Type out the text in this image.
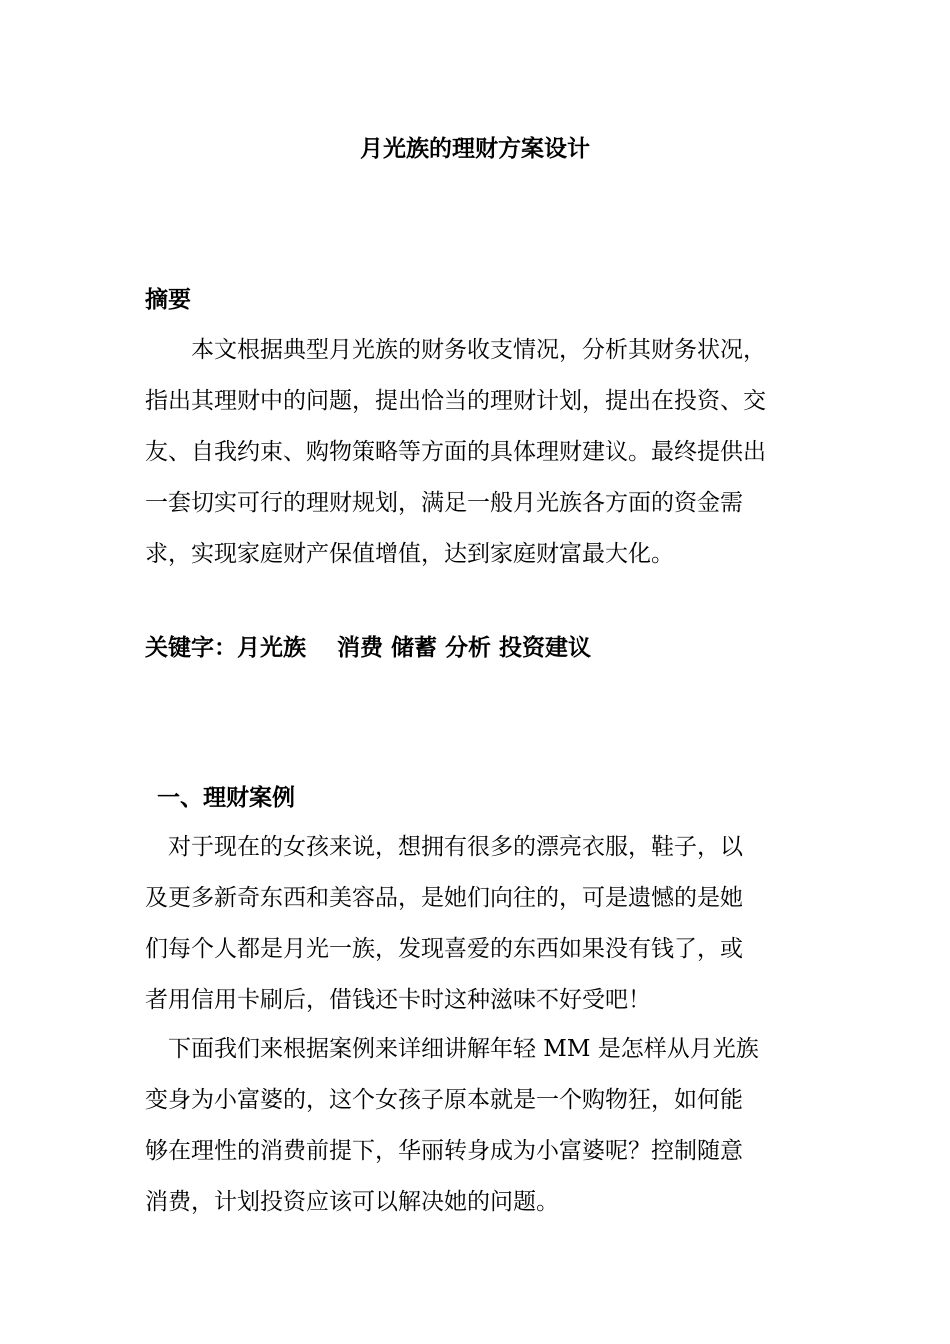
月光族的理财方案设计
摘要

　　本文根据典型月光族的财务收支情况，分析其财务状况，
指出其理财中的问题，提出恰当的理财计划，提出在投资、交
友、自我约束、购物策略等方面的具体理财建议。最终提供出
一套切实可行的理财规划，满足一般月光族各方面的资金需
求，实现家庭财产保值增值，达到家庭财富最大化。

关键字：月光族　 消费 储蓄 分析 投资建议
一、理财案例

　对于现在的女孩来说，想拥有很多的漂亮衣服，鞋子，以
及更多新奇东西和美容品，是她们向往的，可是遗憾的是她
们每个人都是月光一族，发现喜爱的东西如果没有钱了，或
者用信用卡刷后，借钱还卡时这种滋味不好受吧！

　下面我们来根据案例来详细讲解年轻 MM 是怎样从月光族
变身为小富婆的，这个女孩子原本就是一个购物狂，如何能
够在理性的消费前提下，华丽转身成为小富婆呢？控制随意
消费，计划投资应该可以解决她的问题。
